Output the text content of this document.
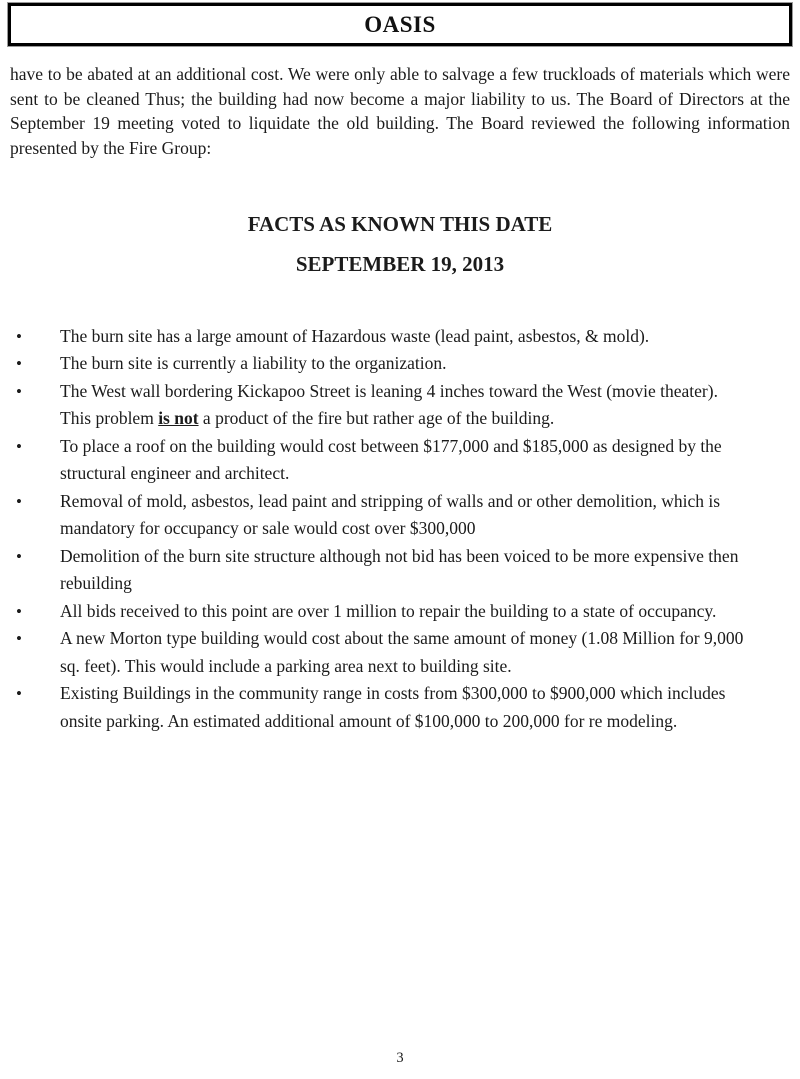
OASIS

have to be abated at an additional cost. We were only able to salvage a few truckloads of materials which were sent to be cleaned Thus; the building had now become a major liability to us. The Board of Directors at the September 19 meeting voted to liquidate the old building. The Board reviewed the following information presented by the Fire Group:

FACTS AS KNOWN THIS DATE
SEPTEMBER 19, 2013
• The burn site has a large amount of Hazardous waste (lead paint, asbestos, & mold).
• The burn site is currently a liability to the organization.
• The West wall bordering Kickapoo Street is leaning 4 inches toward the West (movie theater). This problem is not a product of the fire but rather age of the building.
• To place a roof on the building would cost between $177,000 and $185,000 as designed by the structural engineer and architect.
• Removal of mold, asbestos, lead paint and stripping of walls and or other demolition, which is mandatory for occupancy or sale would cost over $300,000
• Demolition of the burn site structure although not bid has been voiced to be more expensive then rebuilding
• All bids received to this point are over 1 million to repair the building to a state of occupancy.
• A new Morton type building would cost about the same amount of money (1.08 Million for 9,000 sq. feet). This would include a parking area next to building site.
• Existing Buildings in the community range in costs from $300,000 to $900,000 which includes onsite parking. An estimated additional amount of $100,000 to 200,000 for re modeling.
3
